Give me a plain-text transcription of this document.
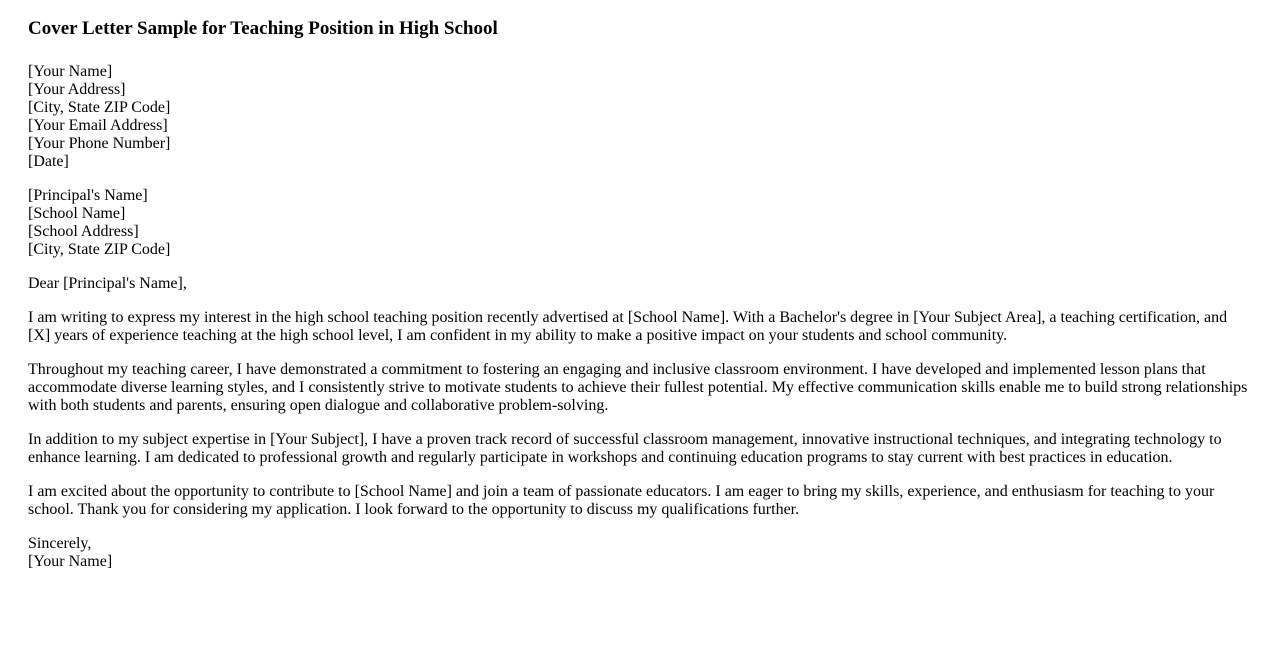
Cover Letter Sample for Teaching Position in High School

[Your Name]
[Your Address]
[City, State ZIP Code]
[Your Email Address]
[Your Phone Number]
[Date]

[Principal's Name]
[School Name]
[School Address]
[City, State ZIP Code]

Dear [Principal's Name],

I am writing to express my interest in the high school teaching position recently advertised at [School Name]. With a Bachelor's degree in [Your Subject Area], a teaching certification, and [X] years of experience teaching at the high school level, I am confident in my ability to make a positive impact on your students and school community.

Throughout my teaching career, I have demonstrated a commitment to fostering an engaging and inclusive classroom environment. I have developed and implemented lesson plans that accommodate diverse learning styles, and I consistently strive to motivate students to achieve their fullest potential. My effective communication skills enable me to build strong relationships with both students and parents, ensuring open dialogue and collaborative problem-solving.

In addition to my subject expertise in [Your Subject], I have a proven track record of successful classroom management, innovative instructional techniques, and integrating technology to enhance learning. I am dedicated to professional growth and regularly participate in workshops and continuing education programs to stay current with best practices in education.

I am excited about the opportunity to contribute to [School Name] and join a team of passionate educators. I am eager to bring my skills, experience, and enthusiasm for teaching to your school. Thank you for considering my application. I look forward to the opportunity to discuss my qualifications further.

Sincerely,
[Your Name]
